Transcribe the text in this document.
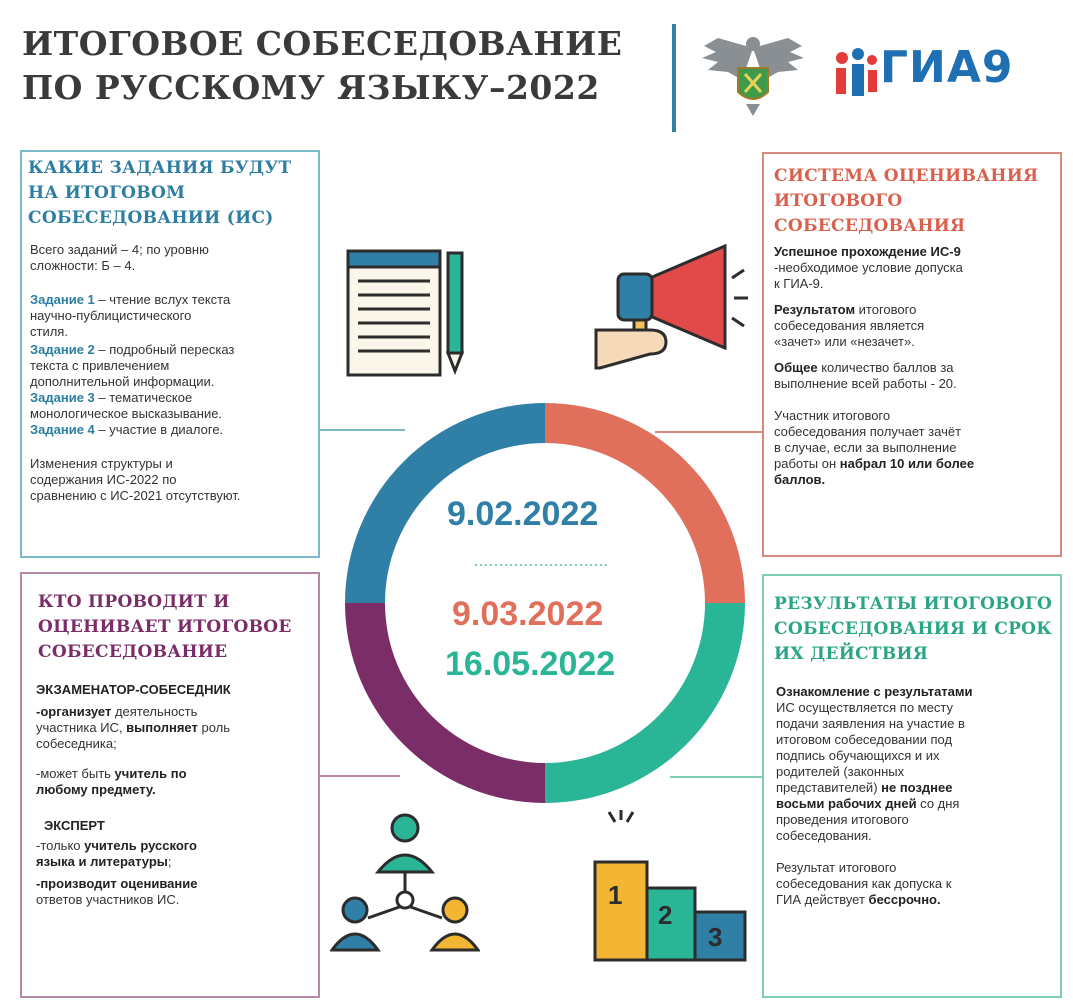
ИТОГОВОЕ СОБЕСЕДОВАНИЕ
ПО РУССКОМУ ЯЗЫКУ–2022	ГИА9
КАКИЕ ЗАДАНИЯ БУДУТ
НА ИТОГОВОМ
СОБЕСЕДОВАНИИ (ИС)
Всего заданий – 4; по уровню
сложности: Б – 4.
Задание 1 – чтение вслух текста
научно-публицистического
стиля.
Задание 2 – подробный пересказ
текста с привлечением
дополнительной информации.
Задание 3 – тематическое
монологическое высказывание.
Задание 4 – участие в диалоге.
Изменения структуры и
содержания ИС-2022 по
сравнению с ИС-2021 отсутствуют.
СИСТЕМА ОЦЕНИВАНИЯ
ИТОГОВОГО
СОБЕСЕДОВАНИЯ
Успешное прохождение ИС-9
-необходимое условие допуска
к ГИА-9.
Результатом итогового
собеседования является
«зачет» или «незачет».
Общее количество баллов за
выполнение всей работы - 20.
Участник итогового
собеседования получает зачёт
в случае, если за выполнение
работы он набрал 10 или более
баллов.
КТО ПРОВОДИТ И
ОЦЕНИВАЕТ ИТОГОВОЕ
СОБЕСЕДОВАНИЕ
ЭКЗАМЕНАТОР-СОБЕСЕДНИК
-организует деятельность
участника ИС, выполняет роль
собеседника;
-может быть учитель по
любому предмету.
ЭКСПЕРТ
-только учитель русского
языка и литературы;
-производит оценивание
ответов участников ИС.
РЕЗУЛЬТАТЫ ИТОГОВОГО
СОБЕСЕДОВАНИЯ И СРОК
ИХ ДЕЙСТВИЯ
Ознакомление с результатами
ИС осуществляется по месту
подачи заявления на участие в
итоговом собеседовании под
подпись обучающихся и их
родителей (законных
представителей) не позднее
восьми рабочих дней со дня
проведения итогового
собеседования.
Результат итогового
собеседования как допуска к
ГИА действует бессрочно.
9.02.2022
9.03.2022
16.05.2022
1
2
3
